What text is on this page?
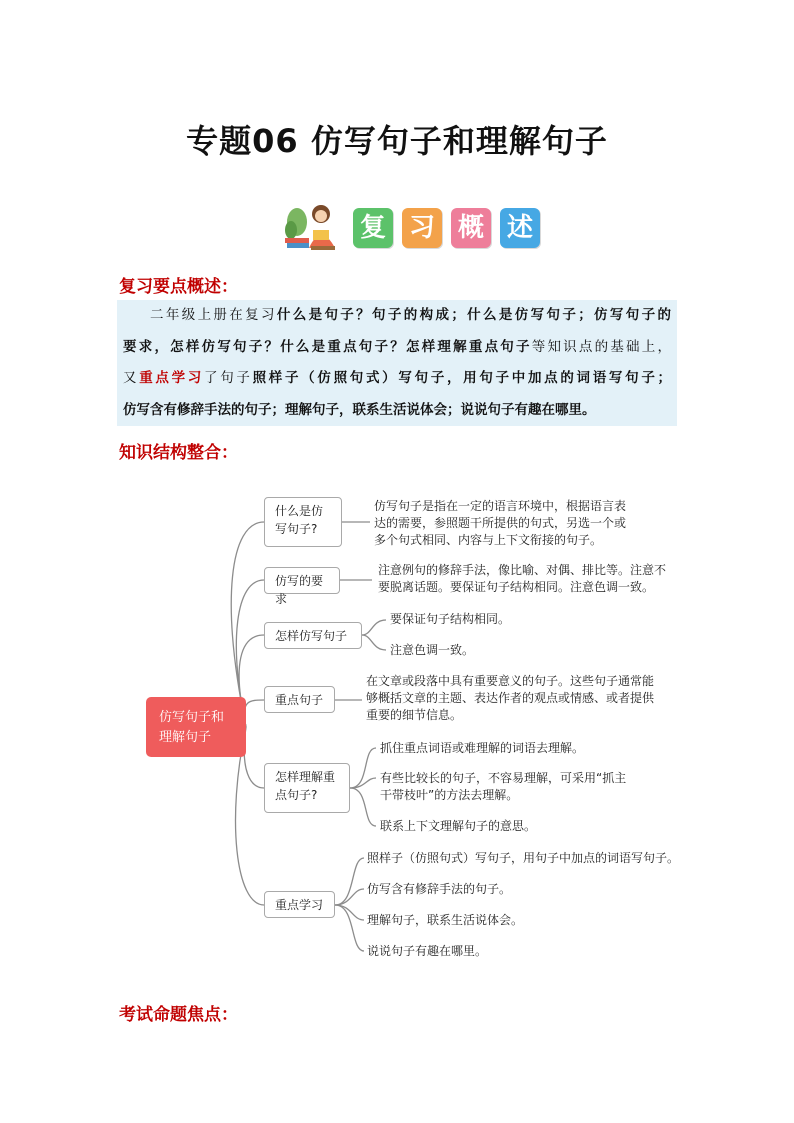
专题06 仿写句子和理解句子
复 习 概 述
复习要点概述：

二年级上册在复习什么是句子？句子的构成；什么是仿写句子；仿写句子的

要求，怎样仿写句子？什么是重点句子？怎样理解重点句子等知识点的基础上，

又重点学习了句子照样子（仿照句式）写句子，用句子中加点的词语写句子；

仿写含有修辞手法的句子；理解句子，联系生活说体会；说说句子有趣在哪里。

知识结构整合：
仿写句子和
理解句子
什么是仿
写句子?
仿写的要求
怎样仿写句子
重点句子
怎样理解重
点句子?
重点学习
仿写句子是指在一定的语言环境中，根据语言表
达的需要，参照题干所提供的句式，另选一个或
多个句式相同、内容与上下文衔接的句子。
注意例句的修辞手法，像比喻、对偶、排比等。注意不
要脱离话题。要保证句子结构相同。注意色调一致。
要保证句子结构相同。
注意色调一致。
在文章或段落中具有重要意义的句子。这些句子通常能
够概括文章的主题、表达作者的观点或情感、或者提供
重要的细节信息。
抓住重点词语或难理解的词语去理解。
有些比较长的句子，不容易理解，可采用“抓主
干带枝叶”的方法去理解。
联系上下文理解句子的意思。
照样子（仿照句式）写句子，用句子中加点的词语写句子。
仿写含有修辞手法的句子。
理解句子，联系生活说体会。
说说句子有趣在哪里。
考试命题焦点：
